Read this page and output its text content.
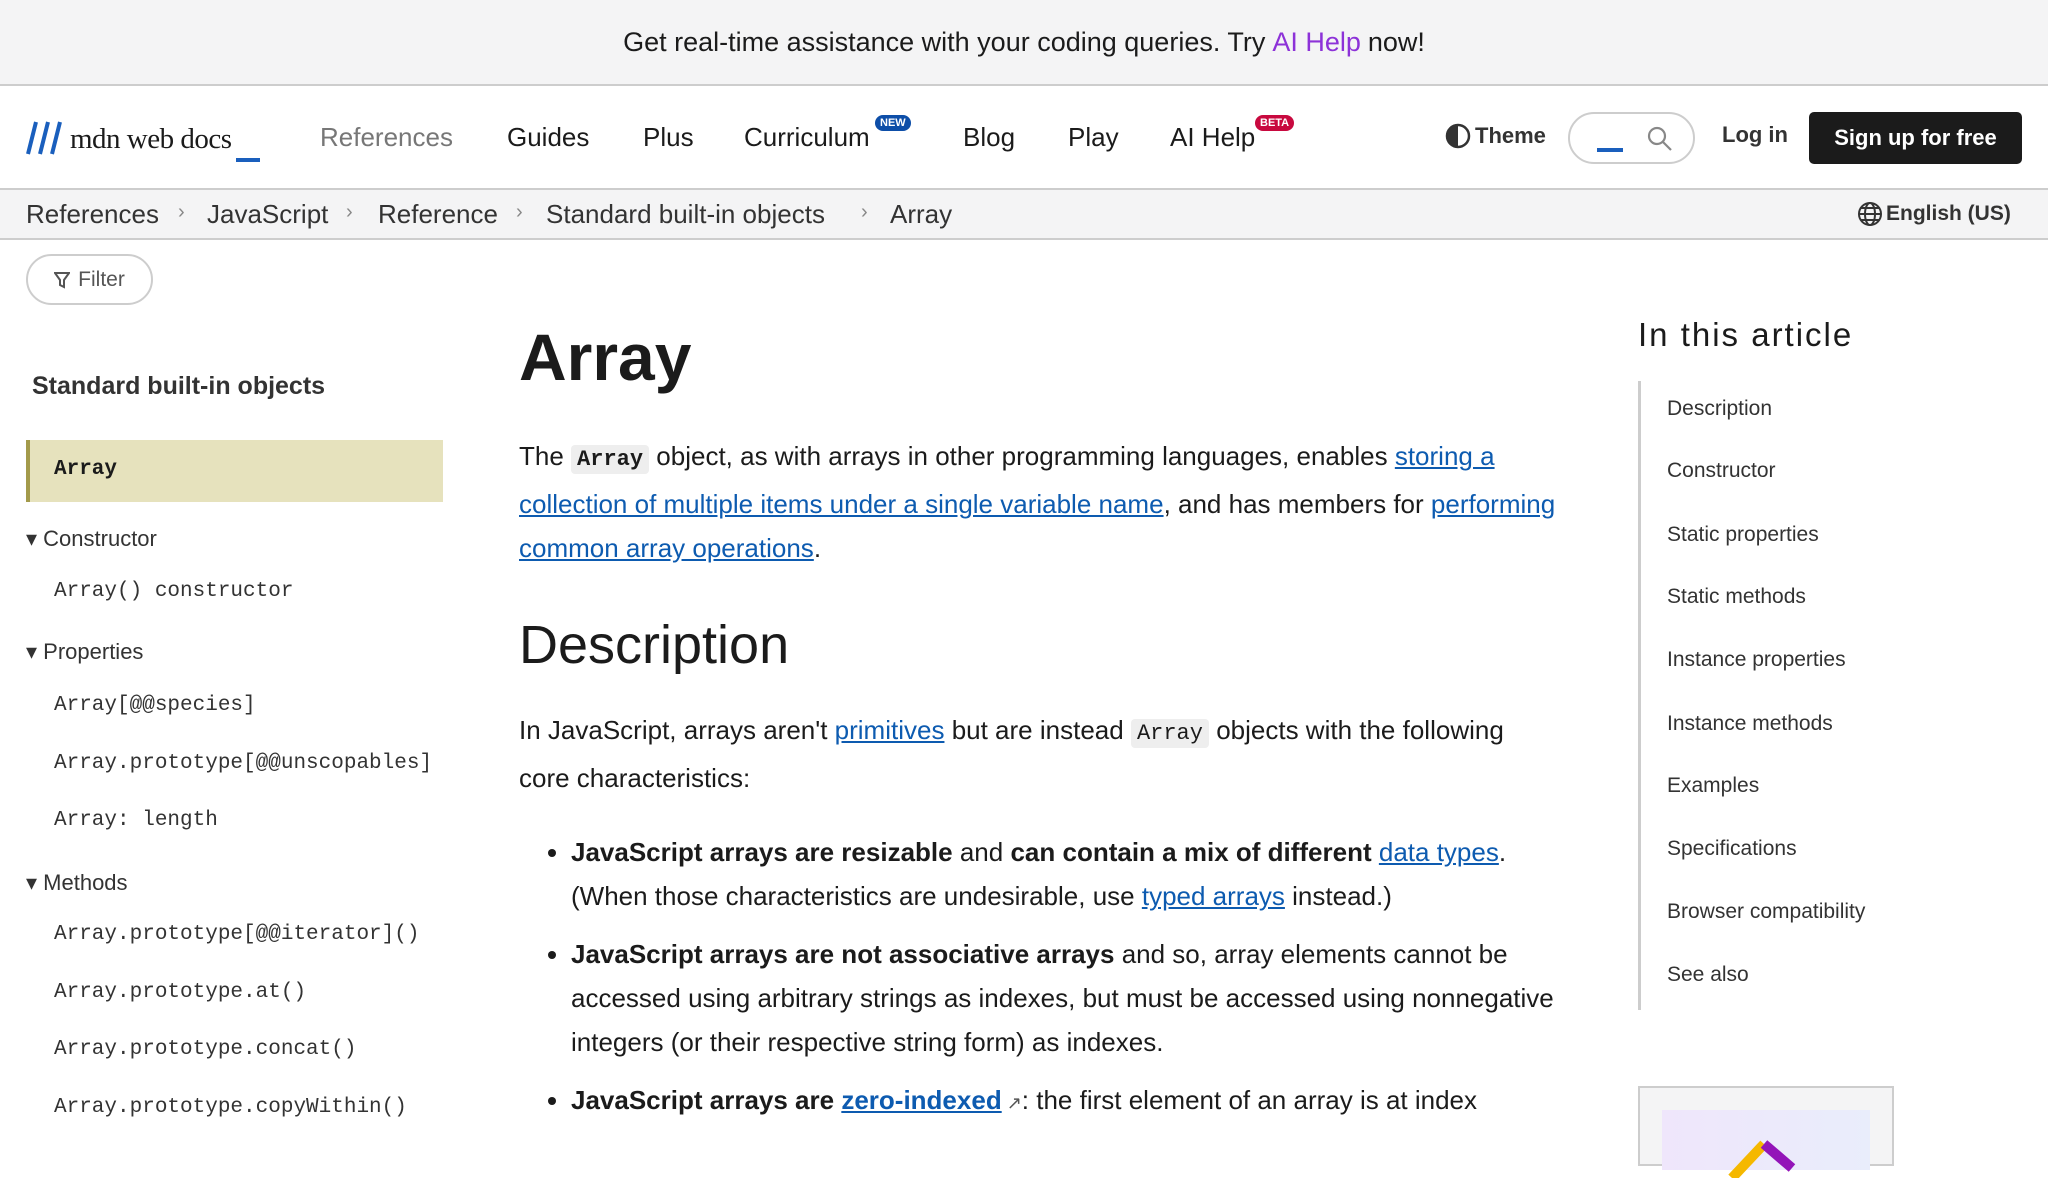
Get real-time assistance with your coding queries. Try AI Help now!
mdn web docs	References Guides Plus Curriculum NEW Blog Play AI Help BETA	Theme	Log in	Sign up for free
References › JavaScript › Reference › Standard built-in objects › Array	English (US)
Filter
Standard built-in objects
Array
▾ Constructor
Array() constructor
▾ Properties
Array[@@species]
Array.prototype[@@unscopables]
Array: length
▾ Methods
Array.prototype[@@iterator]()
Array.prototype.at()
Array.prototype.concat()
Array.prototype.copyWithin()
Array

The Array object, as with arrays in other programming languages, enables storing a collection of multiple items under a single variable name, and has members for performing common array operations.

Description

In JavaScript, arrays aren't primitives but are instead Array objects with the following core characteristics:

• JavaScript arrays are resizable and can contain a mix of different data types. (When those characteristics are undesirable, use typed arrays instead.)
• JavaScript arrays are not associative arrays and so, array elements cannot be accessed using arbitrary strings as indexes, but must be accessed using nonnegative integers (or their respective string form) as indexes.
• JavaScript arrays are zero-indexed ↗: the first element of an array is at index
In this article
Description
Constructor
Static properties
Static methods
Instance properties
Instance methods
Examples
Specifications
Browser compatibility
See also
